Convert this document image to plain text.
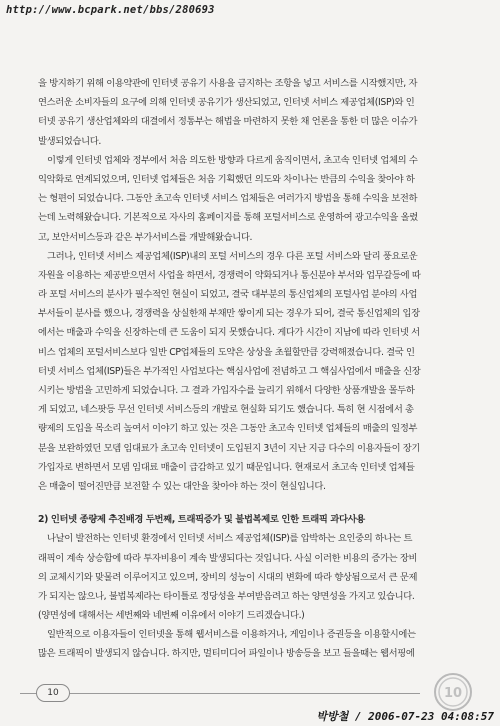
http://www.bcpark.net/bbs/280693
을 방지하기 위해 이용약관에 인터넷 공유기 사용을 금지하는 조항을 넣고 서비스를 시작했지만, 자
연스러운 소비자들의 요구에 의해 인터넷 공유기가 생산되었고, 인터넷 서비스 제공업체(ISP)와 인
터넷 공유기 생산업체와의 대결에서 정통부는 해법을 마련하지 못한 채 언론을 통한 더 많은 이슈가
발생되었습니다.
이렇게 인터넷 업체와 정부에서 처음 의도한 방향과 다르게 움직이면서, 초고속 인터넷 업체의 수
익악화로 연계되었으며, 인터넷 업체들은 처음 기획했던 의도와 차이나는 반큼의 수익을 찾아야 하
는 형편이 되었습니다. 그동안 초고속 인터넷 서비스 업체들은 여러가지 방법을 통해 수익을 보전하
는데 노력해왔습니다. 기본적으로 자사의 홈페이지를 통해 포털서비스로 운영하여 광고수익을 올렸
고, 보안서비스등과 같은 부가서비스를 개발해왔습니다.
그러나, 인터넷 서비스 제공업체(ISP)내의 포털 서비스의 경우 다른 포털 서비스와 달리 풍요로운
자원을 이용하는 제공받으면서 사업을 하면서, 경쟁력이 약화되거나 통신분야 부서와 업무갈등에 따
라 포털 서비스의 분사가 필수적인 현실이 되었고, 결국 대부분의 통신업체의 포털사업 분야의 사업
부서들이 분사를 했으나, 경쟁력을 상실한채 부채만 쌓이게 되는 경우가 되어, 결국 통신업체의 입장
에서는 매출과 수익을 신장하는데 큰 도움이 되지 못했습니다. 게다가 시간이 지남에 따라 인터넷 서
비스 업체의 포털서비스보다 일반 CP업체들의 도약은 상상을 초월할만큼 강력해졌습니다. 결국 인
터넷 서비스 업체(ISP)들은 부가적인 사업보다는 핵심사업에 전념하고 그 핵심사업에서 매출을 신장
시키는 방법을 고민하게 되었습니다. 그 결과 가입자수를 늘리기 위해서 다양한 상품개발을 몰두하
게 되었고, 네스팟등 무선 인터넷 서비스등의 개발로 현실화 되기도 했습니다. 특히 현 시점에서 총
량제의 도입을 목소리 높여서 이야기 하고 있는 것은 그동안 초고속 인터넷 업체들의 매출의 일정부
분을 보완하였던 모뎀 임대료가 초고속 인터넷이 도입된지 3년이 지난 지금 다수의 이용자들이 장기
가입자로 변하면서 모뎀 임대료 매출이 급감하고 있기 때문입니다. 현재로서 초고속 인터넷 업체들
은 매출이 떨어진만큼 보전할 수 있는 대안을 찾아야 하는 것이 현실입니다.
2) 인터넷 종량제 추진배경 두번째, 트래픽증가 및 불법복제로 인한 트래픽 과다사용
나날이 발전하는 인터넷 환경에서 인터넷 서비스 제공업체(ISP)를 압박하는 요인중의 하나는 트
래픽이 계속 상승함에 따라 투자비용이 계속 발생되다는 것입니다. 사실 이러한 비용의 증가는 장비
의 교체시기와 맞물려 이루어지고 있으며, 장비의 성능이 시대의 변화에 따라 향상됨으로서 큰 문제
가 되지는 않으나, 불법복제라는 타이틀로 정당성을 부여받음려고 하는 양면성을 가지고 있습니다.
(양면성에 대해서는 세번째와 네번째 이유에서 이야기 드리겠습니다.)
일반적으로 이용자들이 인터넷을 통해 웹서비스를 이용하거나, 게임이나 증권등을 이용할시에는
많은 트래픽이 발생되지 않습니다. 하지만, 멀티미디어 파일이나 방송등을 보고 들을때는 웹서핑에
10	10
박방철 / 2006-07-23 04:08:57
